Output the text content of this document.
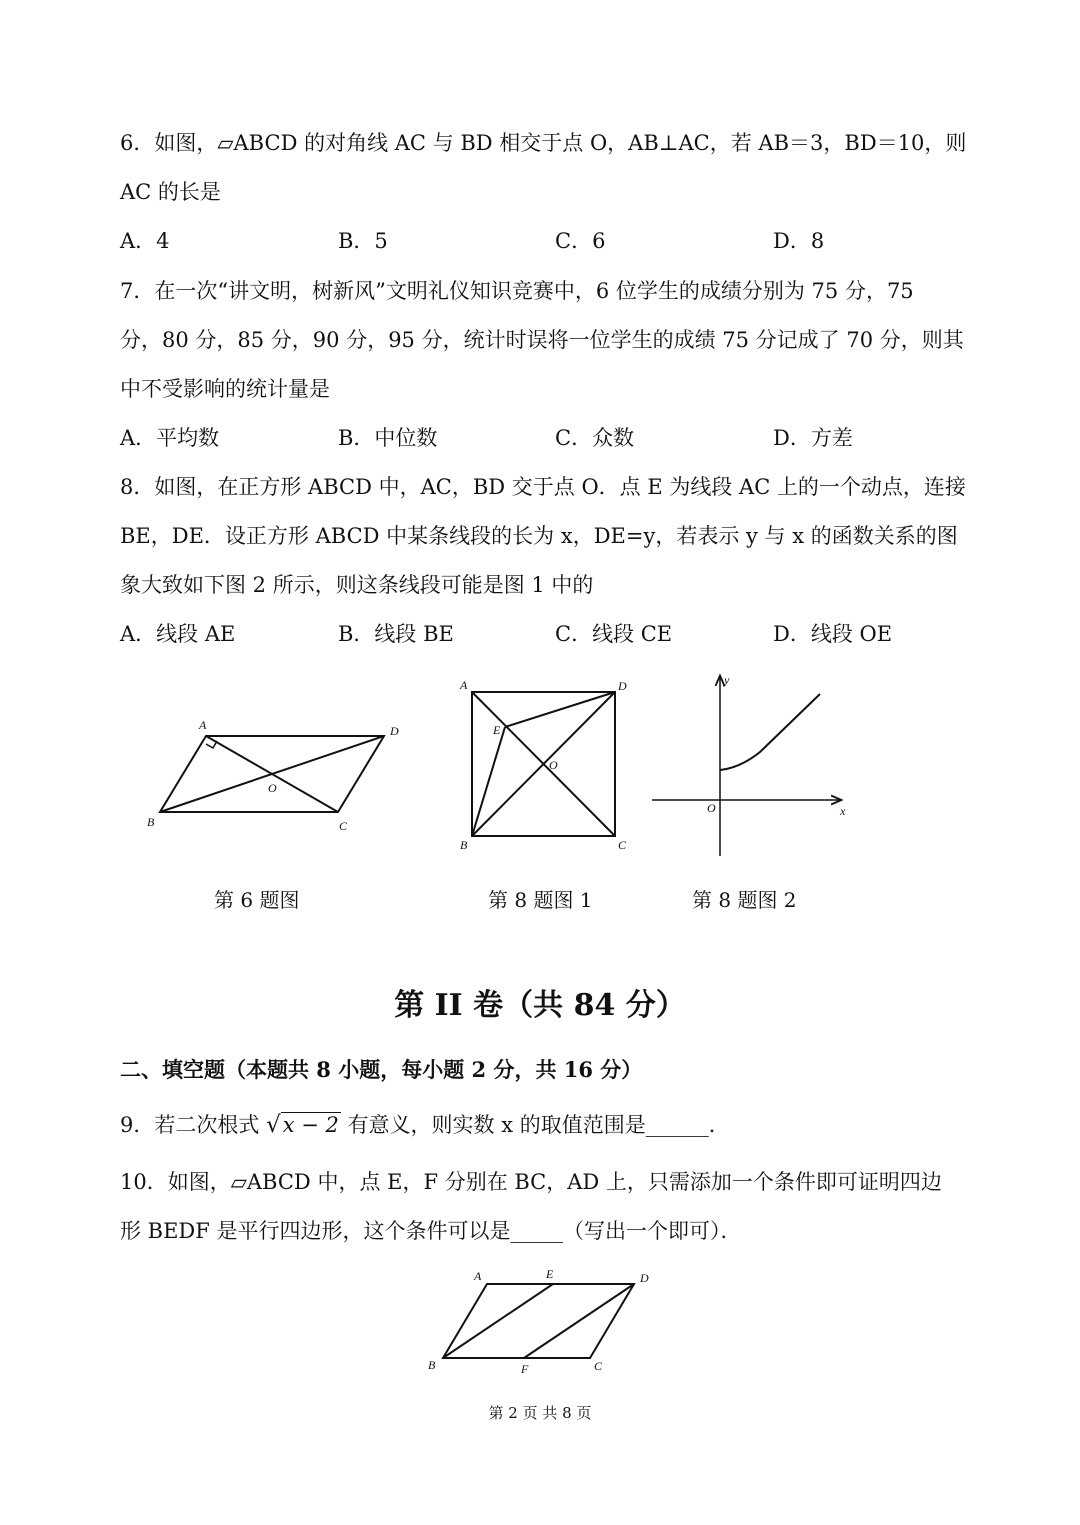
6．如图，▱ABCD 的对角线 AC 与 BD 相交于点 O，AB⊥AC，若 AB＝3，BD＝10，则
AC 的长是
A．4	B．5	C．6	D．8
7．在一次“讲文明，树新风”文明礼仪知识竞赛中，6 位学生的成绩分别为 75 分，75
分，80 分，85 分，90 分，95 分，统计时误将一位学生的成绩 75 分记成了 70 分，则其
中不受影响的统计量是
A．平均数	B．中位数	C．众数	D．方差
8．如图，在正方形 ABCD 中，AC，BD 交于点 O．点 E 为线段 AC 上的一个动点，连接
BE，DE．设正方形 ABCD 中某条线段的长为 x，DE=y，若表示 y 与 x 的函数关系的图
象大致如下图 2 所示，则这条线段可能是图 1 中的
A．线段 AE	B．线段 BE	C．线段 CE	D．线段 OE
A	D
B	C
O
A	D
E
O
B	C
y
x
O
第 6 题图	第 8 题图 1	第 8 题图 2
第 II 卷（共 84 分）
二、填空题（本题共 8 小题，每小题 2 分，共 16 分）
9．若二次根式 √x − 2 有意义，则实数 x 的取值范围是______．
10．如图，▱ABCD 中，点 E，F 分别在 BC，AD 上，只需添加一个条件即可证明四边
形 BEDF 是平行四边形，这个条件可以是_____（写出一个即可）．
A	E	D
B	F	C
第 2 页 共 8 页
